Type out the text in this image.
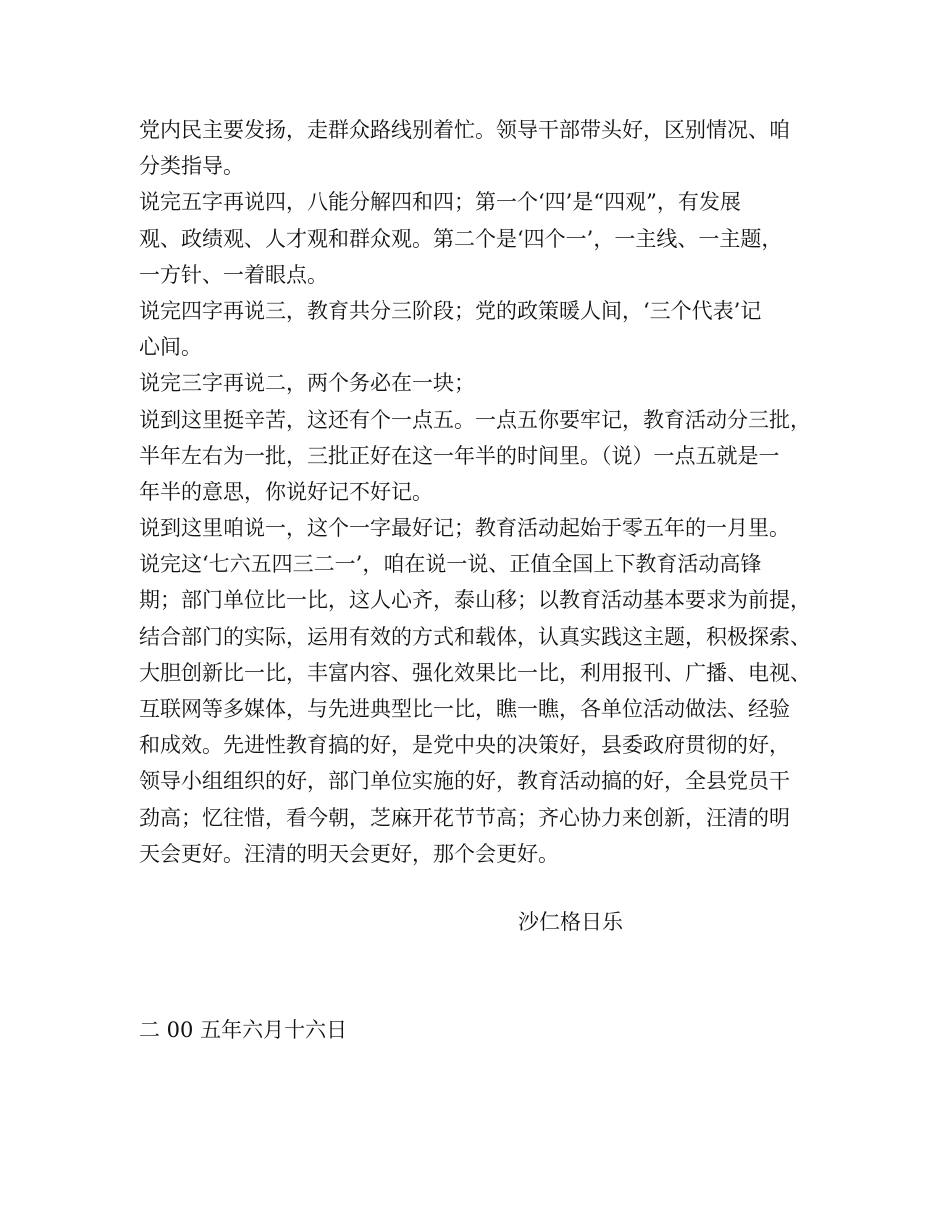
党内民主要发扬，走群众路线别着忙。领导干部带头好，区别情况、咱
分类指导。
说完五字再说四，八能分解四和四；第一个‘四’是“四观”，有发展
观、政绩观、人才观和群众观。第二个是‘四个一’，一主线、一主题，
一方针、一着眼点。
说完四字再说三，教育共分三阶段；党的政策暖人间，‘三个代表’记
心间。
说完三字再说二，两个务必在一块；
说到这里挺辛苦，这还有个一点五。一点五你要牢记，教育活动分三批，
半年左右为一批，三批正好在这一年半的时间里。（说）一点五就是一
年半的意思，你说好记不好记。
说到这里咱说一，这个一字最好记；教育活动起始于零五年的一月里。
说完这‘七六五四三二一’，咱在说一说、正值全国上下教育活动高锋
期；部门单位比一比，这人心齐，泰山移；以教育活动基本要求为前提，
结合部门的实际，运用有效的方式和载体，认真实践这主题，积极探索、
大胆创新比一比，丰富内容、强化效果比一比，利用报刊、广播、电视、
互联网等多媒体，与先进典型比一比，瞧一瞧，各单位活动做法、经验
和成效。先进性教育搞的好，是党中央的决策好，县委政府贯彻的好，
领导小组组织的好，部门单位实施的好，教育活动搞的好，全县党员干
劲高；忆往惜，看今朝，芝麻开花节节高；齐心协力来创新，汪清的明
天会更好。汪清的明天会更好，那个会更好。
沙仁格日乐
二 00 五年六月十六日
